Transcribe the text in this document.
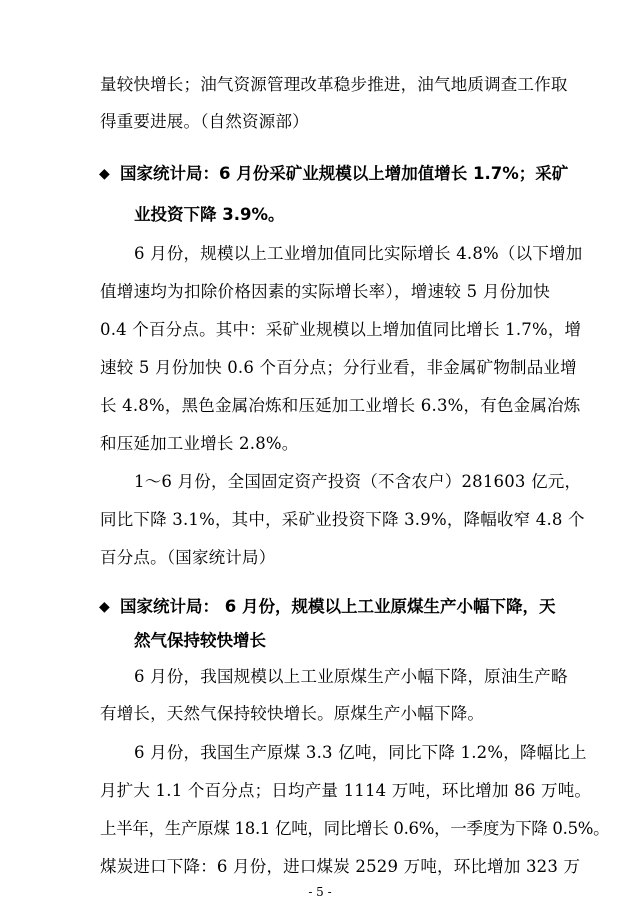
量较快增长；油气资源管理改革稳步推进，油气地质调查工作取
得重要进展。（自然资源部）
◆ 国家统计局：6 月份采矿业规模以上增加值增长 1.7%；采矿
业投资下降 3.9%。
6 月份，规模以上工业增加值同比实际增长 4.8%（以下增加
值增速均为扣除价格因素的实际增长率），增速较 5 月份加快
0.4 个百分点。其中：采矿业规模以上增加值同比增长 1.7%，增
速较 5 月份加快 0.6 个百分点；分行业看，非金属矿物制品业增
长 4.8%，黑色金属冶炼和压延加工业增长 6.3%，有色金属冶炼
和压延加工业增长 2.8%。
1～6 月份，全国固定资产投资（不含农户）281603 亿元，
同比下降 3.1%，其中，采矿业投资下降 3.9%，降幅收窄 4.8 个
百分点。（国家统计局）
◆ 国家统计局： 6 月份，规模以上工业原煤生产小幅下降，天
然气保持较快增长
6 月份，我国规模以上工业原煤生产小幅下降，原油生产略
有增长，天然气保持较快增长。原煤生产小幅下降。
6 月份，我国生产原煤 3.3 亿吨，同比下降 1.2%，降幅比上
月扩大 1.1 个百分点；日均产量 1114 万吨，环比增加 86 万吨。
上半年，生产原煤 18.1 亿吨，同比增长 0.6%，一季度为下降 0.5%。
煤炭进口下降：6 月份，进口煤炭 2529 万吨，环比增加 323 万
- 5 -
